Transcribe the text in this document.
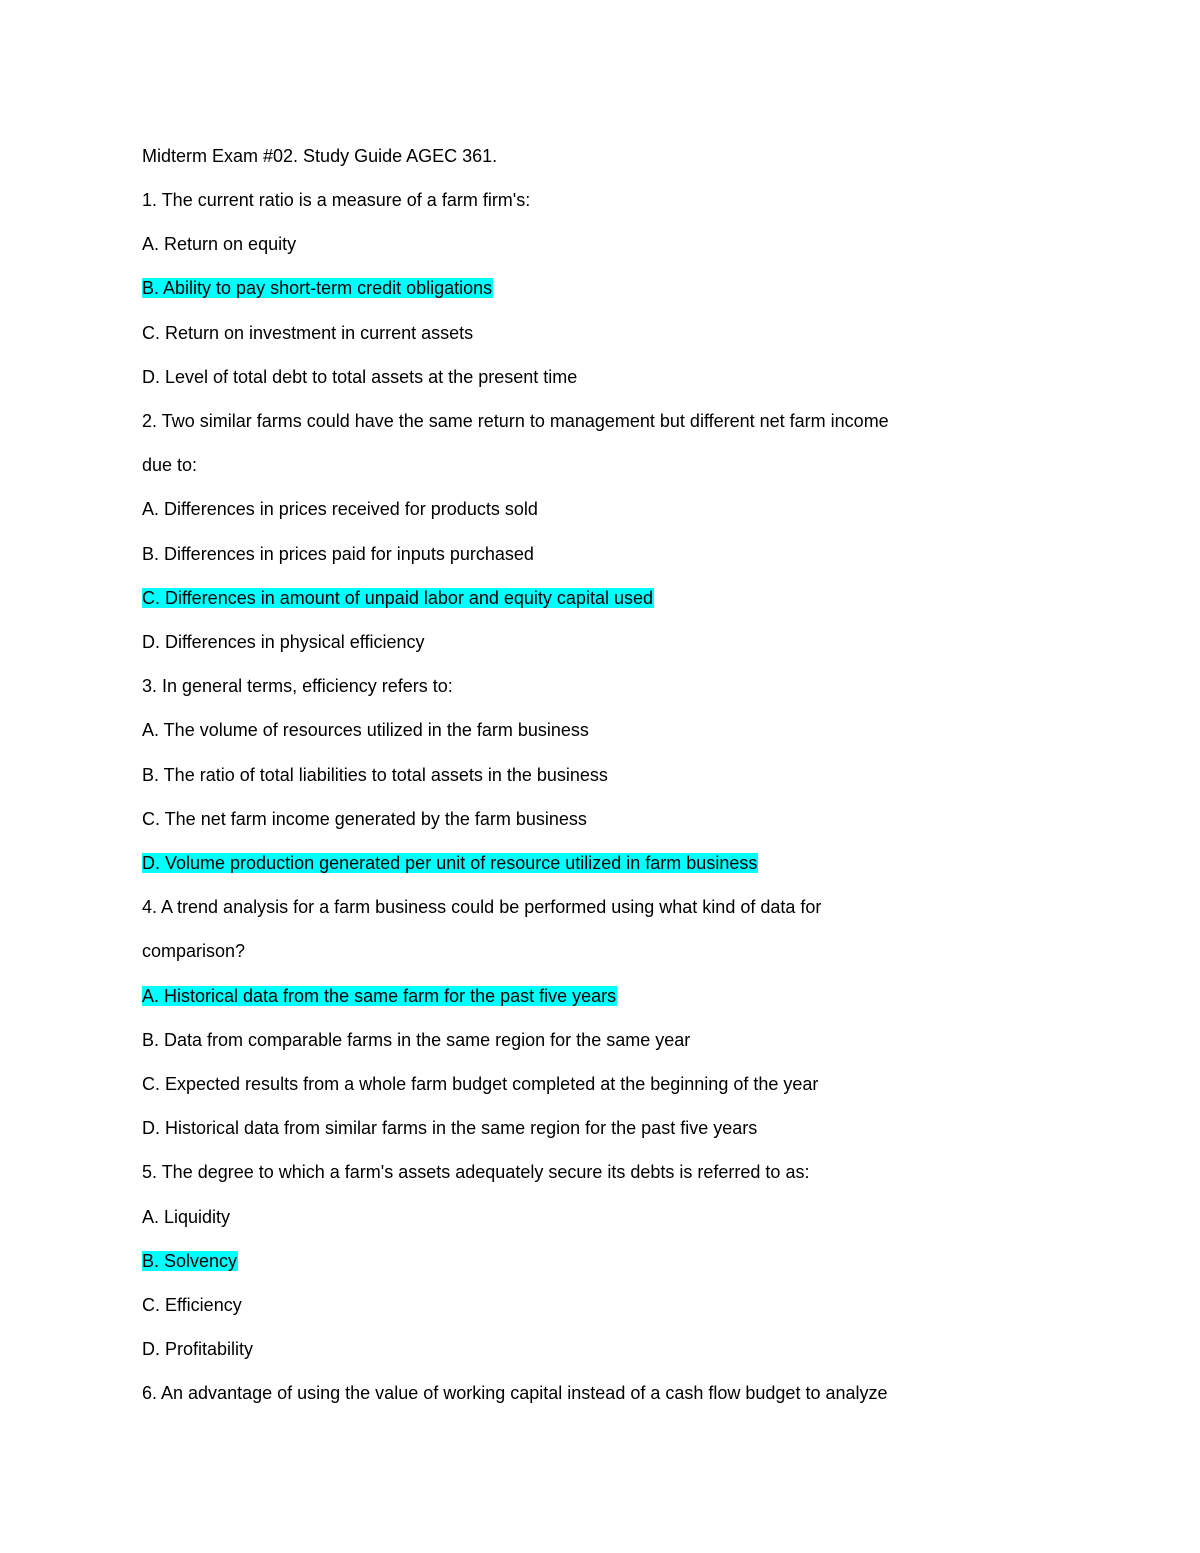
Midterm Exam #02. Study Guide AGEC 361.
1. The current ratio is a measure of a farm firm's:
A. Return on equity
B. Ability to pay short-term credit obligations
C. Return on investment in current assets
D. Level of total debt to total assets at the present time
2. Two similar farms could have the same return to management but different net farm income
due to:
A. Differences in prices received for products sold
B. Differences in prices paid for inputs purchased
C. Differences in amount of unpaid labor and equity capital used
D. Differences in physical efficiency
3. In general terms, efficiency refers to:
A. The volume of resources utilized in the farm business
B. The ratio of total liabilities to total assets in the business
C. The net farm income generated by the farm business
D. Volume production generated per unit of resource utilized in farm business
4. A trend analysis for a farm business could be performed using what kind of data for
comparison?
A. Historical data from the same farm for the past five years
B. Data from comparable farms in the same region for the same year
C. Expected results from a whole farm budget completed at the beginning of the year
D. Historical data from similar farms in the same region for the past five years
5. The degree to which a farm's assets adequately secure its debts is referred to as:
A. Liquidity
B. Solvency
C. Efficiency
D. Profitability
6. An advantage of using the value of working capital instead of a cash flow budget to analyze
